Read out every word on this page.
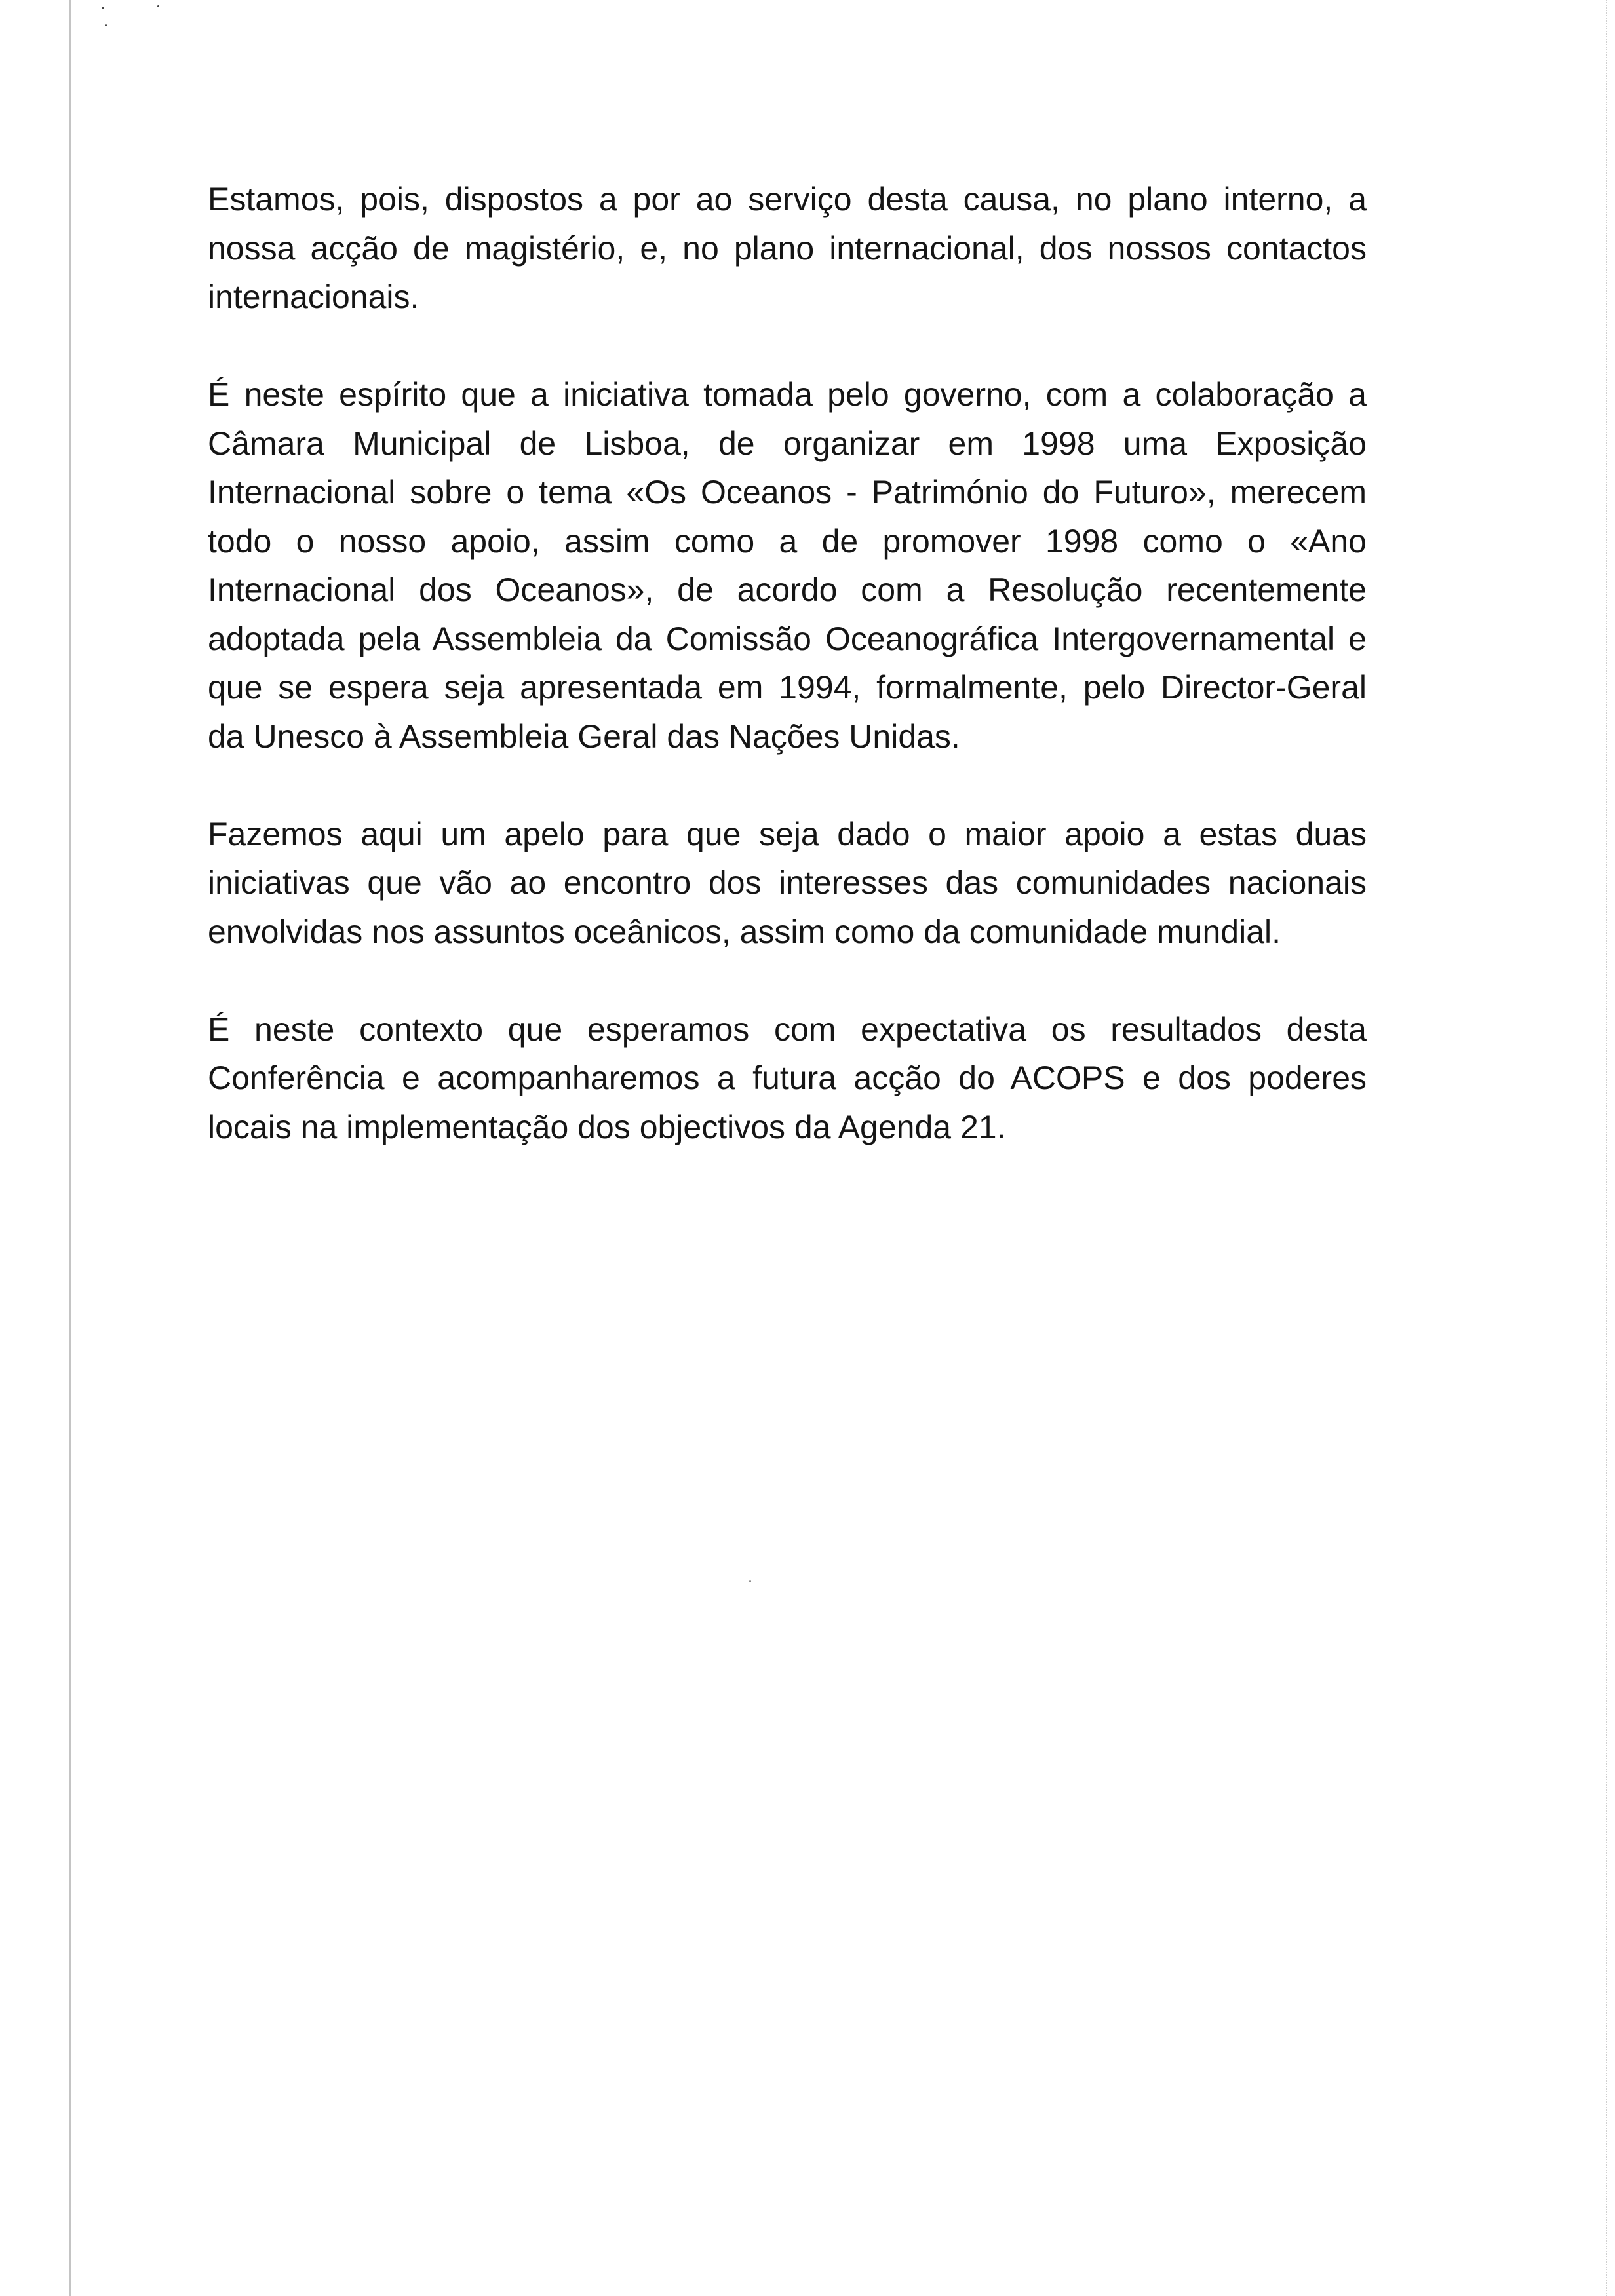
Estamos, pois, dispostos a por ao serviço desta causa, no plano interno, a
nossa acção de magistério, e, no plano internacional, dos nossos contactos
internacionais.

É neste espírito que a iniciativa tomada pelo governo, com a colaboração a
Câmara Municipal de Lisboa, de organizar em 1998 uma Exposição
Internacional sobre o tema «Os Oceanos - Património do Futuro», merecem
todo o nosso apoio, assim como a de promover 1998 como o «Ano
Internacional dos Oceanos», de acordo com a Resolução recentemente
adoptada pela Assembleia da Comissão Oceanográfica Intergovernamental e
que se espera seja apresentada em 1994, formalmente, pelo Director-Geral
da Unesco à Assembleia Geral das Nações Unidas.

Fazemos aqui um apelo para que seja dado o maior apoio a estas duas
iniciativas que vão ao encontro dos interesses das comunidades nacionais
envolvidas nos assuntos oceânicos, assim como da comunidade mundial.

É neste contexto que esperamos com expectativa os resultados desta
Conferência e acompanharemos a futura acção do ACOPS e dos poderes
locais na implementação dos objectivos da Agenda 21.
